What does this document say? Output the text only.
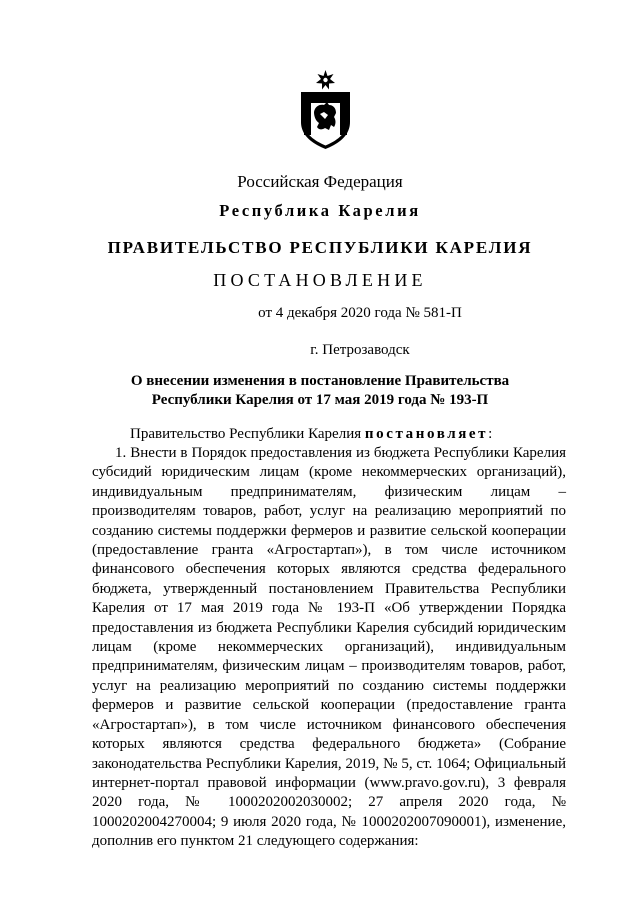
Российская Федерация
Республика Карелия
ПРАВИТЕЛЬСТВО РЕСПУБЛИКИ КАРЕЛИЯ
ПОСТАНОВЛЕНИЕ
от 4 декабря 2020 года № 581-П
г. Петрозаводск
О внесении изменения в постановление Правительства
Республики Карелия от 17 мая 2019 года № 193-П
Правительство Республики Карелия постановляет:
1. Внести в Порядок предоставления из бюджета Республики Карелия субсидий юридическим лицам (кроме некоммерческих организаций), индивидуальным предпринимателям, физическим лицам – производителям товаров, работ, услуг на реализацию мероприятий по созданию системы поддержки фермеров и развитие сельской кооперации (предоставление гранта «Агростартап»), в том числе источником финансового обеспечения которых являются средства федерального бюджета, утвержденный постановлением Правительства Республики Карелия от 17 мая 2019 года № 193-П «Об утверждении Порядка предоставления из бюджета Республики Карелия субсидий юридическим лицам (кроме некоммерческих организаций), индивидуальным предпринимателям, физическим лицам – производителям товаров, работ, услуг на реализацию мероприятий по созданию системы поддержки фермеров и развитие сельской кооперации (предоставление гранта «Агростартап»), в том числе источником финансового обеспечения которых являются средства федерального бюджета» (Собрание законодательства Республики Карелия, 2019, № 5, ст. 1064; Официальный интернет-портал правовой информации (www.pravo.gov.ru), 3 февраля 2020 года, № 1000202002030002; 27 апреля 2020 года, № 1000202004270004; 9 июля 2020 года, № 1000202007090001), изменение, дополнив его пунктом 21 следующего содержания:
